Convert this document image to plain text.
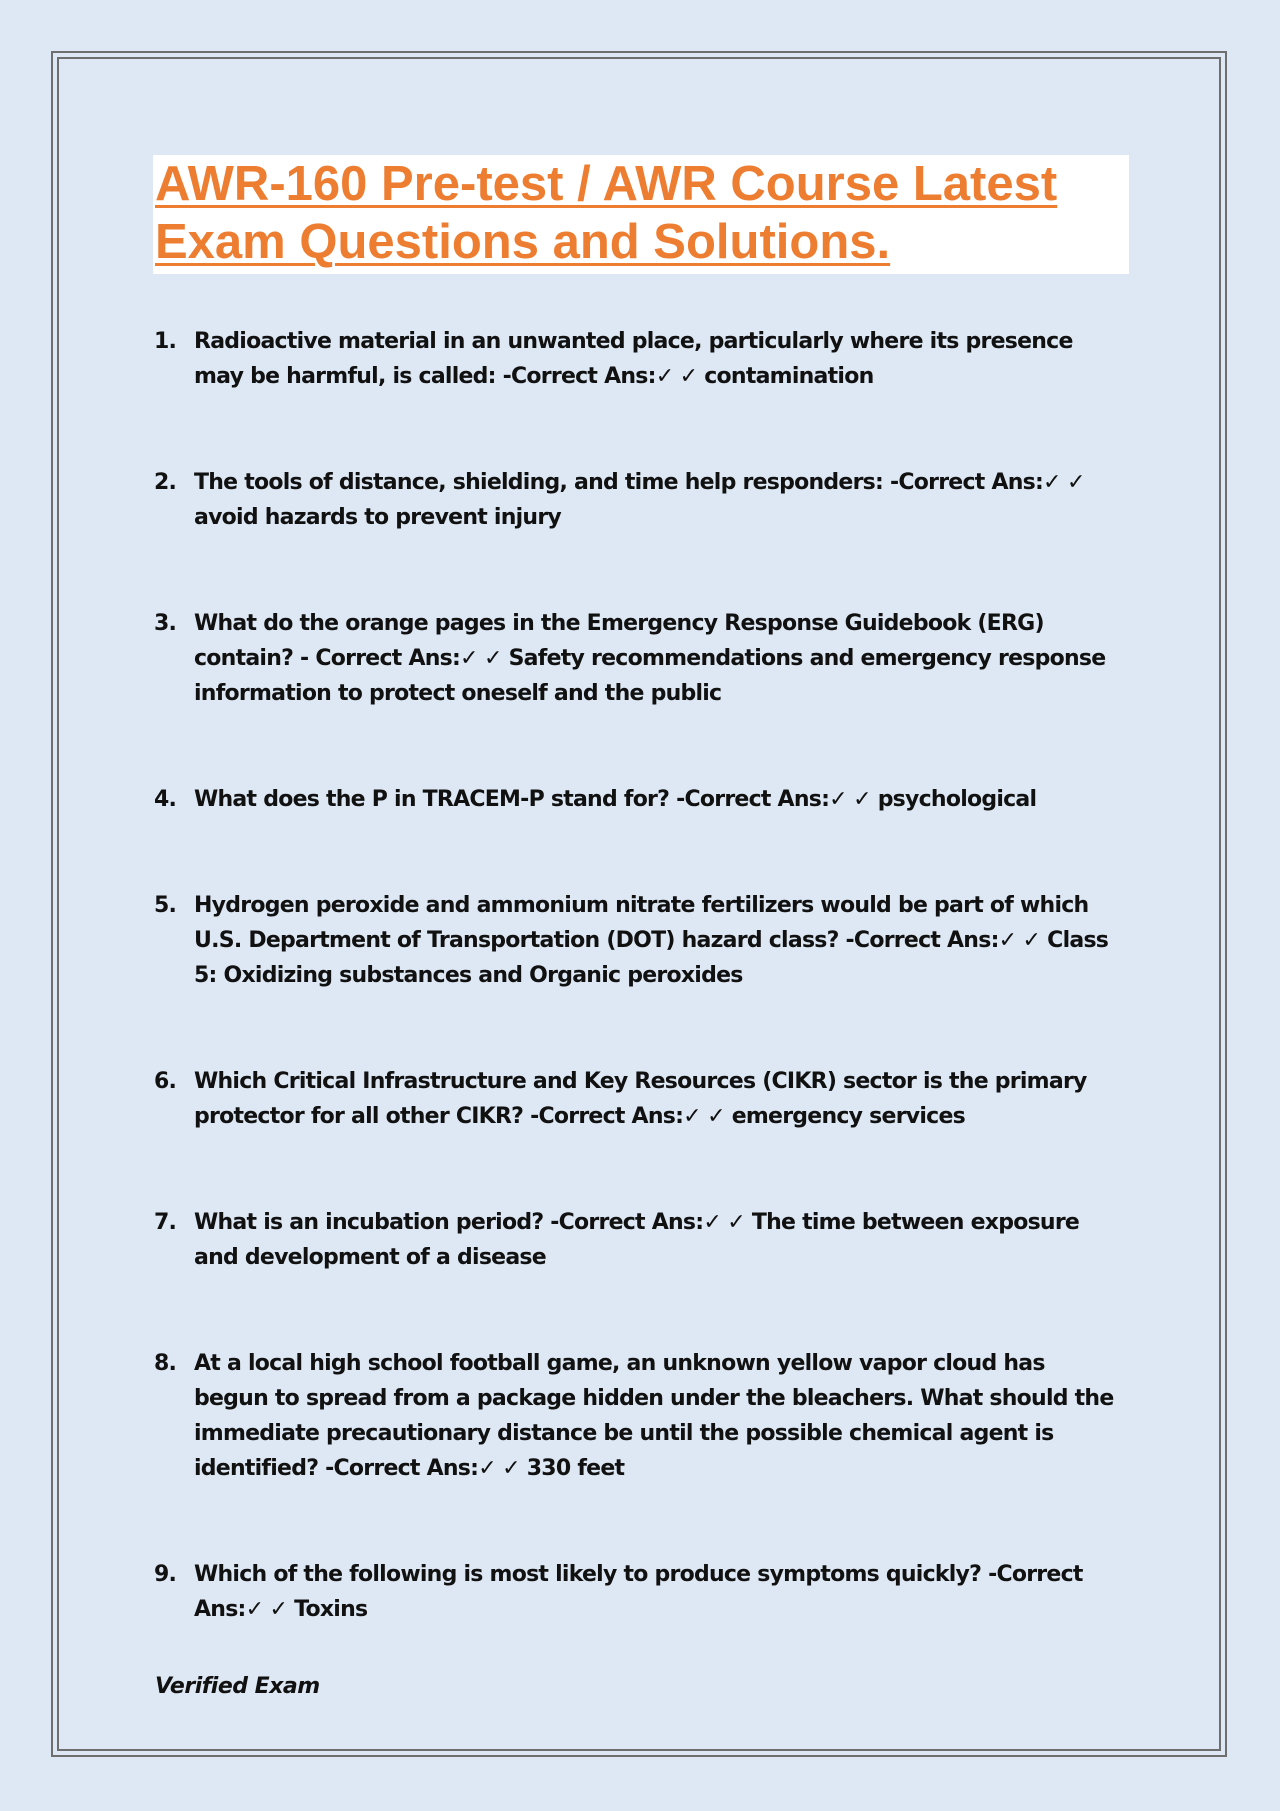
AWR-160 Pre-test / AWR Course Latest Exam Questions and Solutions.
1. Radioactive material in an unwanted place, particularly where its presence may be harmful, is called: -Correct Ans:✓ ✓ contamination
2. The tools of distance, shielding, and time help responders: -Correct Ans:✓ ✓ avoid hazards to prevent injury
3. What do the orange pages in the Emergency Response Guidebook (ERG) contain? - Correct Ans:✓ ✓ Safety recommendations and emergency response information to protect oneself and the public
4. What does the P in TRACEM-P stand for? -Correct Ans:✓ ✓ psychological
5. Hydrogen peroxide and ammonium nitrate fertilizers would be part of which U.S. Department of Transportation (DOT) hazard class? -Correct Ans:✓ ✓ Class 5: Oxidizing substances and Organic peroxides
6. Which Critical Infrastructure and Key Resources (CIKR) sector is the primary protector for all other CIKR? -Correct Ans:✓ ✓ emergency services
7. What is an incubation period? -Correct Ans:✓ ✓ The time between exposure and development of a disease
8. At a local high school football game, an unknown yellow vapor cloud has begun to spread from a package hidden under the bleachers. What should the immediate precautionary distance be until the possible chemical agent is identified? -Correct Ans:✓ ✓ 330 feet
9. Which of the following is most likely to produce symptoms quickly? -Correct Ans:✓ ✓ Toxins
Verified Exam
